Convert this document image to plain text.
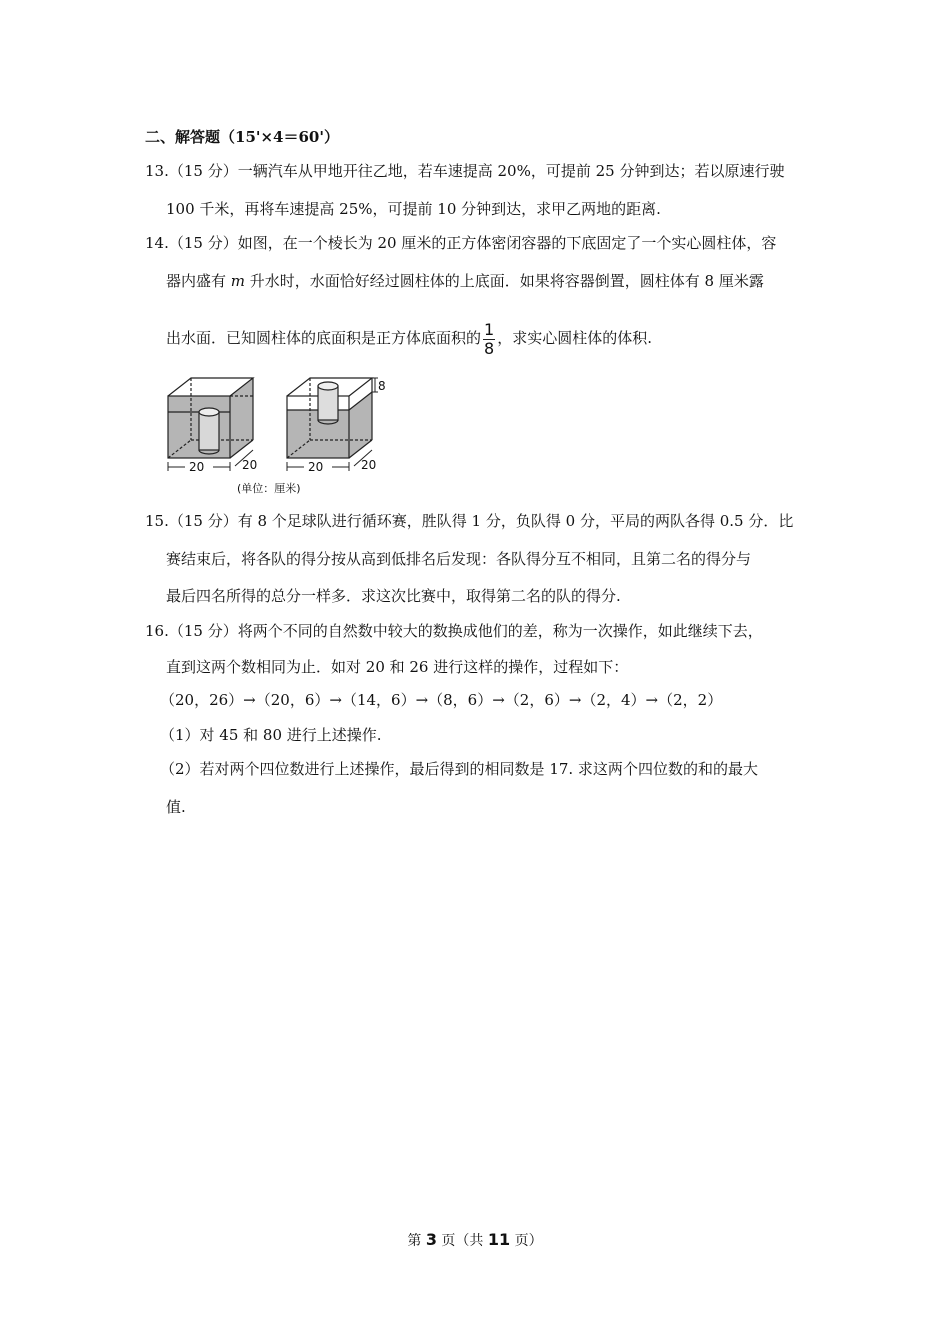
二、解答题（15'×4＝60'）
13.（15 分）一辆汽车从甲地开往乙地，若车速提高 20%，可提前 25 分钟到达；若以原速行驶
100 千米，再将车速提高 25%，可提前 10 分钟到达，求甲乙两地的距离.
14.（15 分）如图，在一个棱长为 20 厘米的正方体密闭容器的下底固定了一个实心圆柱体，容
器内盛有 m 升水时，水面恰好经过圆柱体的上底面．如果将容器倒置，圆柱体有 8 厘米露
出水面．已知圆柱体的底面积是正方体底面积的 $\frac{1}{8}$ ，求实心圆柱体的体积.
20	20
8
20	20
(单位：厘米)
15.（15 分）有 8 个足球队进行循环赛，胜队得 1 分，负队得 0 分，平局的两队各得 0.5 分．比
赛结束后，将各队的得分按从高到低排名后发现：各队得分互不相同，且第二名的得分与
最后四名所得的总分一样多．求这次比赛中，取得第二名的队的得分.
16.（15 分）将两个不同的自然数中较大的数换成他们的差，称为一次操作，如此继续下去，
直到这两个数相同为止．如对 20 和 26 进行这样的操作，过程如下：
（20，26）→（20，6）→（14，6）→（8，6）→（2，6）→（2，4）→（2，2）
（1）对 45 和 80 进行上述操作.
（2）若对两个四位数进行上述操作，最后得到的相同数是 17. 求这两个四位数的和的最大
值.
第 3 页（共 11 页）
